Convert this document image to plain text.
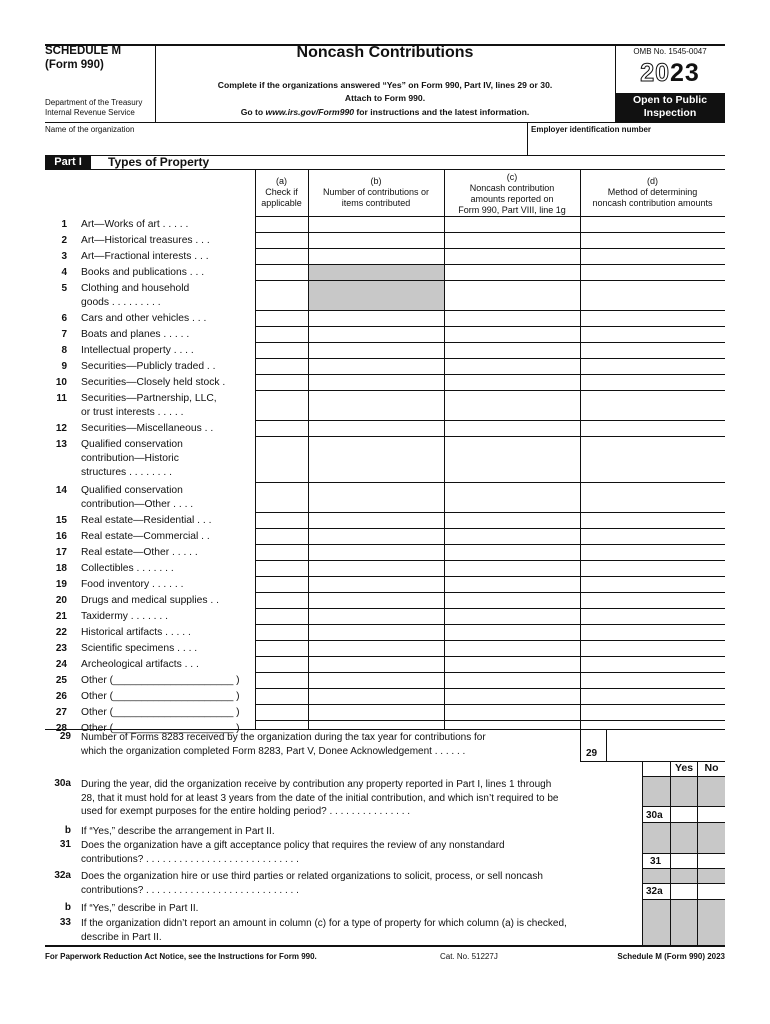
SCHEDULE M
(Form 990)
Department of the Treasury
Internal Revenue Service
Noncash Contributions
Complete if the organizations answered “Yes” on Form 990, Part IV, lines 29 or 30.
Attach to Form 990.
Go to www.irs.gov/Form990 for instructions and the latest information.
OMB No. 1545-0047
2023
Open to Public
Inspection
Name of the organization	Employer identification number
Part I	Types of Property
(a)
Check if
applicable
(b)
Number of contributions or
items contributed
(c)
Noncash contribution
amounts reported on
Form 990, Part VIII, line 1g
(d)
Method of determining
noncash contribution amounts
1 Art—Works of art . . . . .
2 Art—Historical treasures . . .
3 Art—Fractional interests . . .
4 Books and publications . . .
5 Clothing and household
goods . . . . . . . . .
6 Cars and other vehicles . . .
7 Boats and planes . . . . .
8 Intellectual property . . . .
9 Securities—Publicly traded . .
10 Securities—Closely held stock .
11 Securities—Partnership, LLC,
or trust interests . . . . .
12 Securities—Miscellaneous . .
13 Qualified conservation
contribution—Historic
structures . . . . . . . .
14 Qualified conservation
contribution—Other . . . .
15 Real estate—Residential . . .
16 Real estate—Commercial . .
17 Real estate—Other . . . . .
18 Collectibles . . . . . . .
19 Food inventory . . . . . .
20 Drugs and medical supplies . .
21 Taxidermy . . . . . . .
22 Historical artifacts . . . . .
23 Scientific specimens . . . .
24 Archeological artifacts . . .
25 Other (_____________________ )
26 Other (_____________________ )
27 Other (_____________________ )
28 Other (_____________________ )
29 Number of Forms 8283 received by the organization during the tax year for contributions for
which the organization completed Form 8283, Part V, Donee Acknowledgement . . . . . .	29
Yes	No
30a During the year, did the organization receive by contribution any property reported in Part I, lines 1 through
28, that it must hold for at least 3 years from the date of the initial contribution, and which isn’t required to be
used for exempt purposes for the entire holding period? . . . . . . . . . . . . . . .	30a
b If “Yes,” describe the arrangement in Part II.
31 Does the organization have a gift acceptance policy that requires the review of any nonstandard
contributions? . . . . . . . . . . . . . . . . . . . . . . . . . . . .	31
32a Does the organization hire or use third parties or related organizations to solicit, process, or sell noncash
contributions? . . . . . . . . . . . . . . . . . . . . . . . . . . . .	32a
b If “Yes,” describe in Part II.
33 If the organization didn’t report an amount in column (c) for a type of property for which column (a) is checked,
describe in Part II.
For Paperwork Reduction Act Notice, see the Instructions for Form 990.	Cat. No. 51227J	Schedule M (Form 990) 2023
